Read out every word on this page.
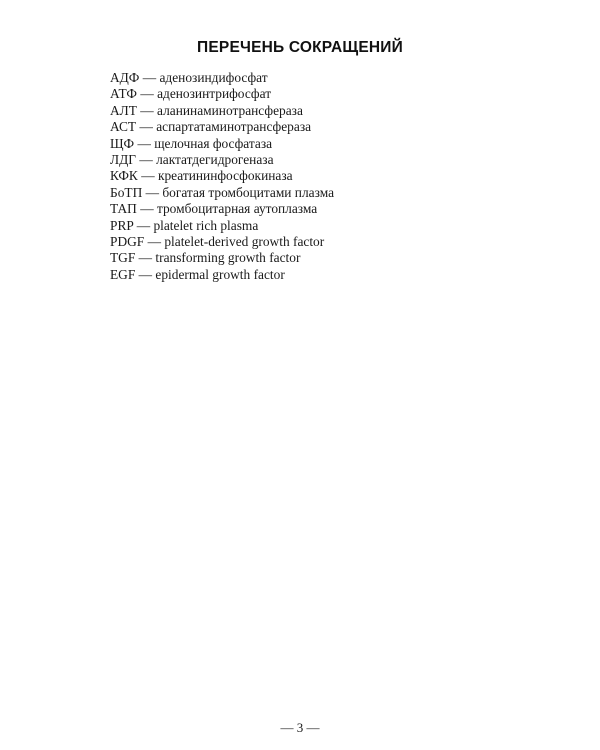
ПЕРЕЧЕНЬ СОКРАЩЕНИЙ
АДФ — аденозиндифосфат
АТФ — аденозинтрифосфат
АЛТ — аланинаминотрансфераза
АСТ — аспартатаминотрансфераза
ЩФ — щелочная фосфатаза
ЛДГ — лактатдегидрогеназа
КФК — креатининфосфокиназа
БоТП — богатая тромбоцитами плазма
ТАП — тромбоцитарная аутоплазма
PRP — platelet rich plasma
PDGF — platelet-derived growth factor
TGF — transforming growth factor
EGF — epidermal growth factor
— 3 —
